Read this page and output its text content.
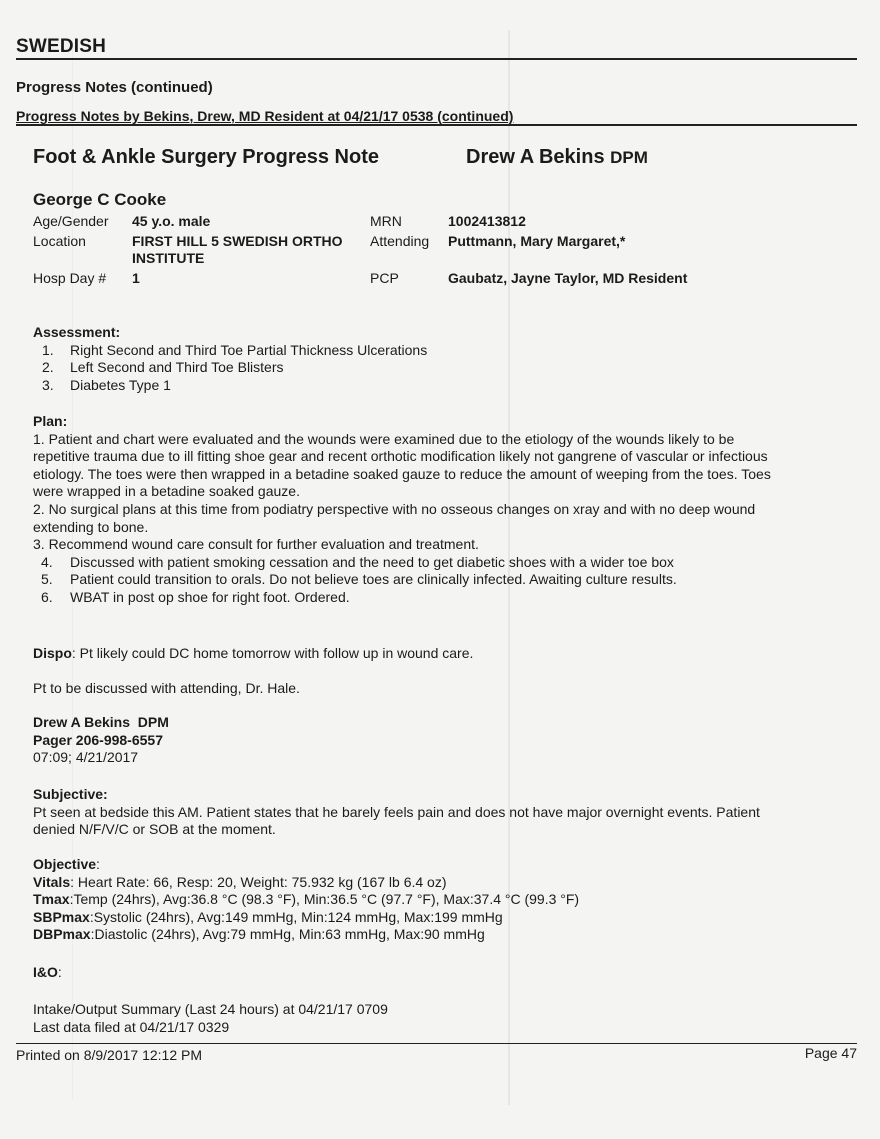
SWEDISH
Progress Notes (continued)
Progress Notes by Bekins, Drew, MD Resident at 04/21/17 0538 (continued)
Foot & Ankle Surgery Progress Note	Drew A Bekins DPM
George C Cooke
Age/Gender 45 y.o. male	MRN	1002413812
Location	FIRST HILL 5 SWEDISH ORTHO
INSTITUTE
Attending Puttmann, Mary Margaret,*
Hosp Day # 1	PCP	Gaubatz, Jayne Taylor, MD Resident
Assessment:
1. Right Second and Third Toe Partial Thickness Ulcerations
2. Left Second and Third Toe Blisters
3. Diabetes Type 1
Plan:
1. Patient and chart were evaluated and the wounds were examined due to the etiology of the wounds likely to be
repetitive trauma due to ill fitting shoe gear and recent orthotic modification likely not gangrene of vascular or infectious
etiology. The toes were then wrapped in a betadine soaked gauze to reduce the amount of weeping from the toes. Toes
were wrapped in a betadine soaked gauze.
2. No surgical plans at this time from podiatry perspective with no osseous changes on xray and with no deep wound
extending to bone.
3. Recommend wound care consult for further evaluation and treatment.
4. Discussed with patient smoking cessation and the need to get diabetic shoes with a wider toe box
5. Patient could transition to orals. Do not believe toes are clinically infected. Awaiting culture results.
6. WBAT in post op shoe for right foot. Ordered.
Dispo: Pt likely could DC home tomorrow with follow up in wound care.
Pt to be discussed with attending, Dr. Hale.
Drew A Bekins  DPM
Pager 206-998-6557
07:09; 4/21/2017
Subjective:
Pt seen at bedside this AM. Patient states that he barely feels pain and does not have major overnight events. Patient
denied N/F/V/C or SOB at the moment.
Objective:
Vitals: Heart Rate: 66, Resp: 20, Weight: 75.932 kg (167 lb 6.4 oz)
Tmax:Temp (24hrs), Avg:36.8 °C (98.3 °F), Min:36.5 °C (97.7 °F), Max:37.4 °C (99.3 °F)
SBPmax:Systolic (24hrs), Avg:149 mmHg, Min:124 mmHg, Max:199 mmHg
DBPmax:Diastolic (24hrs), Avg:79 mmHg, Min:63 mmHg, Max:90 mmHg
I&O:
Intake/Output Summary (Last 24 hours) at 04/21/17 0709
Last data filed at 04/21/17 0329
Printed on 8/9/2017 12:12 PM	Page 47
